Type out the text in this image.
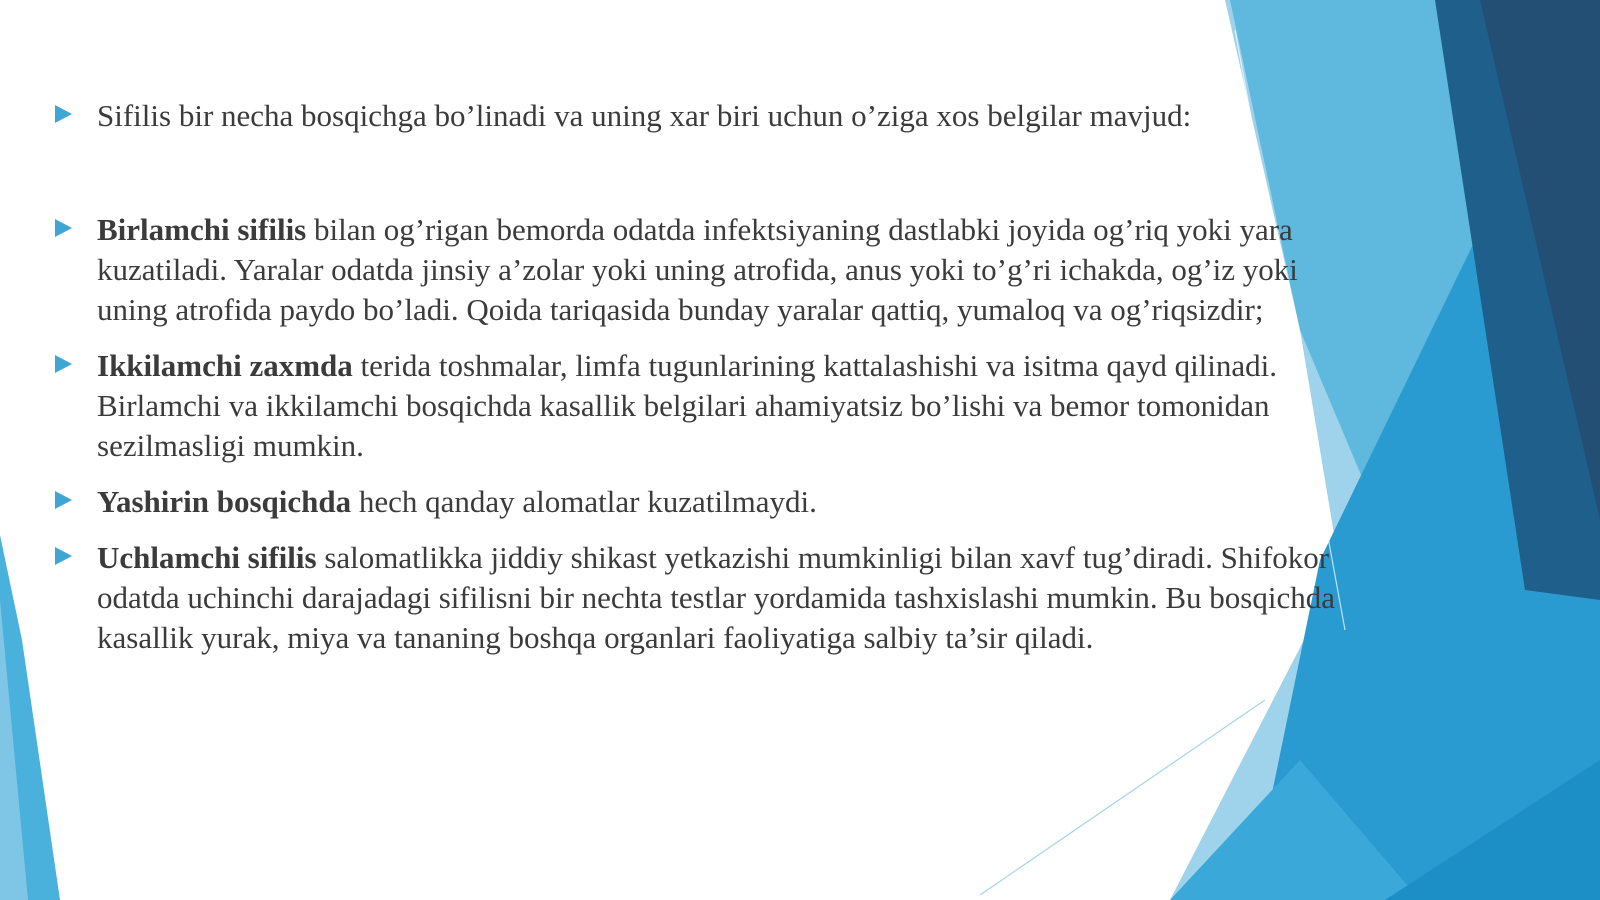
Sifilis bir necha bosqichga bo’linadi va uning xar biri uchun o’ziga xos belgilar mavjud:
Birlamchi sifilis bilan og’rigan bemorda odatda infektsiyaning dastlabki joyida og’riq yoki yara kuzatiladi. Yaralar odatda jinsiy a’zolar yoki uning atrofida, anus yoki to’g’ri ichakda, og’iz yoki uning atrofida paydo bo’ladi. Qoida tariqasida bunday yaralar qattiq, yumaloq va og’riqsizdir;
Ikkilamchi zaxmda terida toshmalar, limfa tugunlarining kattalashishi va isitma qayd qilinadi. Birlamchi va ikkilamchi bosqichda kasallik belgilari ahamiyatsiz bo’lishi va bemor tomonidan sezilmasligi mumkin.
Yashirin bosqichda hech qanday alomatlar kuzatilmaydi.
Uchlamchi sifilis salomatlikka jiddiy shikast yetkazishi mumkinligi bilan xavf tug’diradi. Shifokor odatda uchinchi darajadagi sifilisni bir nechta testlar yordamida tashxislashi mumkin. Bu bosqichda kasallik yurak, miya va tananing boshqa organlari faoliyatiga salbiy ta’sir qiladi.
